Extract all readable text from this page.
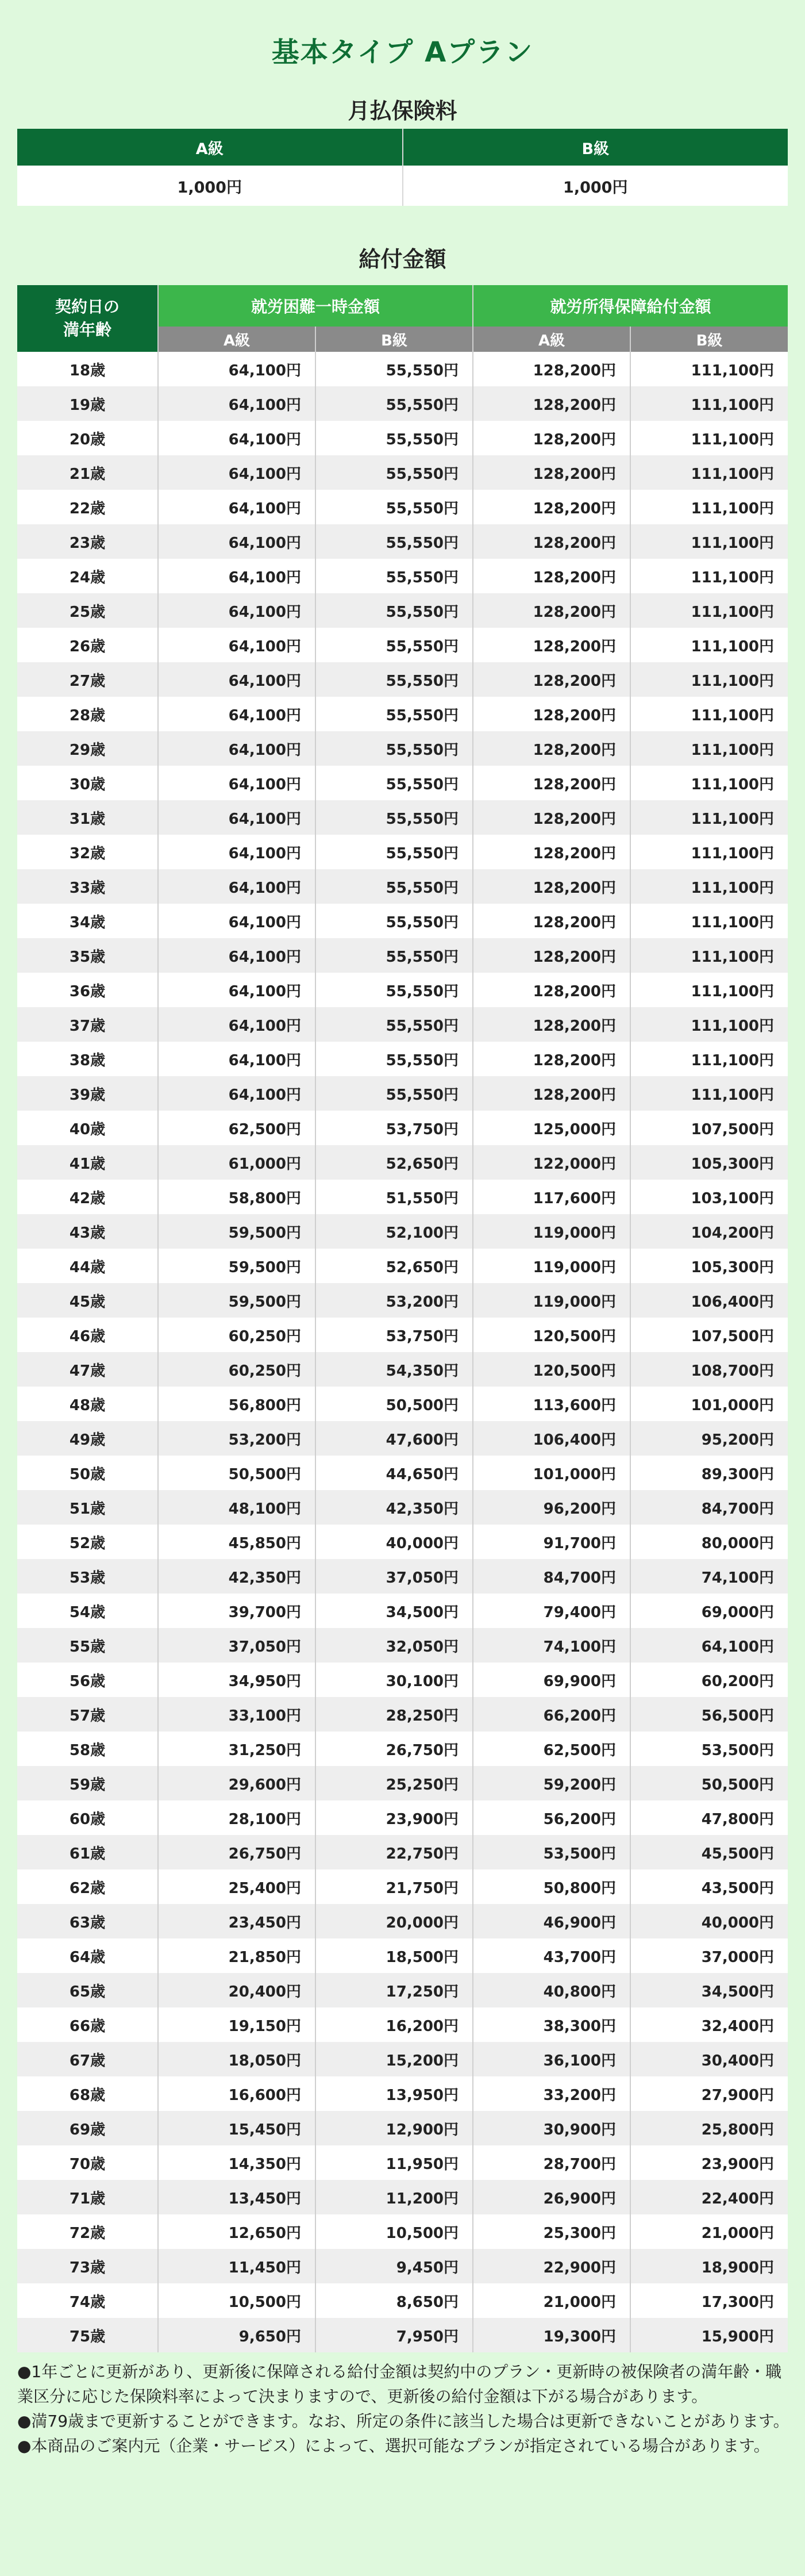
基本タイプ Aプラン
月払保険料
A級	B級
1,000円	1,000円
給付金額
契約日の
満年齢	就労困難一時金額		就労所得保障給付金額	
	A級	B級	A級	B級
18歳	64,100円	55,550円	128,200円	111,100円
19歳	64,100円	55,550円	128,200円	111,100円
20歳	64,100円	55,550円	128,200円	111,100円
21歳	64,100円	55,550円	128,200円	111,100円
22歳	64,100円	55,550円	128,200円	111,100円
23歳	64,100円	55,550円	128,200円	111,100円
24歳	64,100円	55,550円	128,200円	111,100円
25歳	64,100円	55,550円	128,200円	111,100円
26歳	64,100円	55,550円	128,200円	111,100円
27歳	64,100円	55,550円	128,200円	111,100円
28歳	64,100円	55,550円	128,200円	111,100円
29歳	64,100円	55,550円	128,200円	111,100円
30歳	64,100円	55,550円	128,200円	111,100円
31歳	64,100円	55,550円	128,200円	111,100円
32歳	64,100円	55,550円	128,200円	111,100円
33歳	64,100円	55,550円	128,200円	111,100円
34歳	64,100円	55,550円	128,200円	111,100円
35歳	64,100円	55,550円	128,200円	111,100円
36歳	64,100円	55,550円	128,200円	111,100円
37歳	64,100円	55,550円	128,200円	111,100円
38歳	64,100円	55,550円	128,200円	111,100円
39歳	64,100円	55,550円	128,200円	111,100円
40歳	62,500円	53,750円	125,000円	107,500円
41歳	61,000円	52,650円	122,000円	105,300円
42歳	58,800円	51,550円	117,600円	103,100円
43歳	59,500円	52,100円	119,000円	104,200円
44歳	59,500円	52,650円	119,000円	105,300円
45歳	59,500円	53,200円	119,000円	106,400円
46歳	60,250円	53,750円	120,500円	107,500円
47歳	60,250円	54,350円	120,500円	108,700円
48歳	56,800円	50,500円	113,600円	101,000円
49歳	53,200円	47,600円	106,400円	95,200円
50歳	50,500円	44,650円	101,000円	89,300円
51歳	48,100円	42,350円	96,200円	84,700円
52歳	45,850円	40,000円	91,700円	80,000円
53歳	42,350円	37,050円	84,700円	74,100円
54歳	39,700円	34,500円	79,400円	69,000円
55歳	37,050円	32,050円	74,100円	64,100円
56歳	34,950円	30,100円	69,900円	60,200円
57歳	33,100円	28,250円	66,200円	56,500円
58歳	31,250円	26,750円	62,500円	53,500円
59歳	29,600円	25,250円	59,200円	50,500円
60歳	28,100円	23,900円	56,200円	47,800円
61歳	26,750円	22,750円	53,500円	45,500円
62歳	25,400円	21,750円	50,800円	43,500円
63歳	23,450円	20,000円	46,900円	40,000円
64歳	21,850円	18,500円	43,700円	37,000円
65歳	20,400円	17,250円	40,800円	34,500円
66歳	19,150円	16,200円	38,300円	32,400円
67歳	18,050円	15,200円	36,100円	30,400円
68歳	16,600円	13,950円	33,200円	27,900円
69歳	15,450円	12,900円	30,900円	25,800円
70歳	14,350円	11,950円	28,700円	23,900円
71歳	13,450円	11,200円	26,900円	22,400円
72歳	12,650円	10,500円	25,300円	21,000円
73歳	11,450円	9,450円	22,900円	18,900円
74歳	10,500円	8,650円	21,000円	17,300円
75歳	9,650円	7,950円	19,300円	15,900円

●1年ごとに更新があり、更新後に保障される給付金額は契約中のプラン・更新時の被保険者の満年齢・職業区分に応じた保険料率によって決まりますので、更新後の給付金額は下がる場合があります。

●満79歳まで更新することができます。なお、所定の条件に該当した場合は更新できないことがあります。

●本商品のご案内元（企業・サービス）によって、選択可能なプランが指定されている場合があります。
